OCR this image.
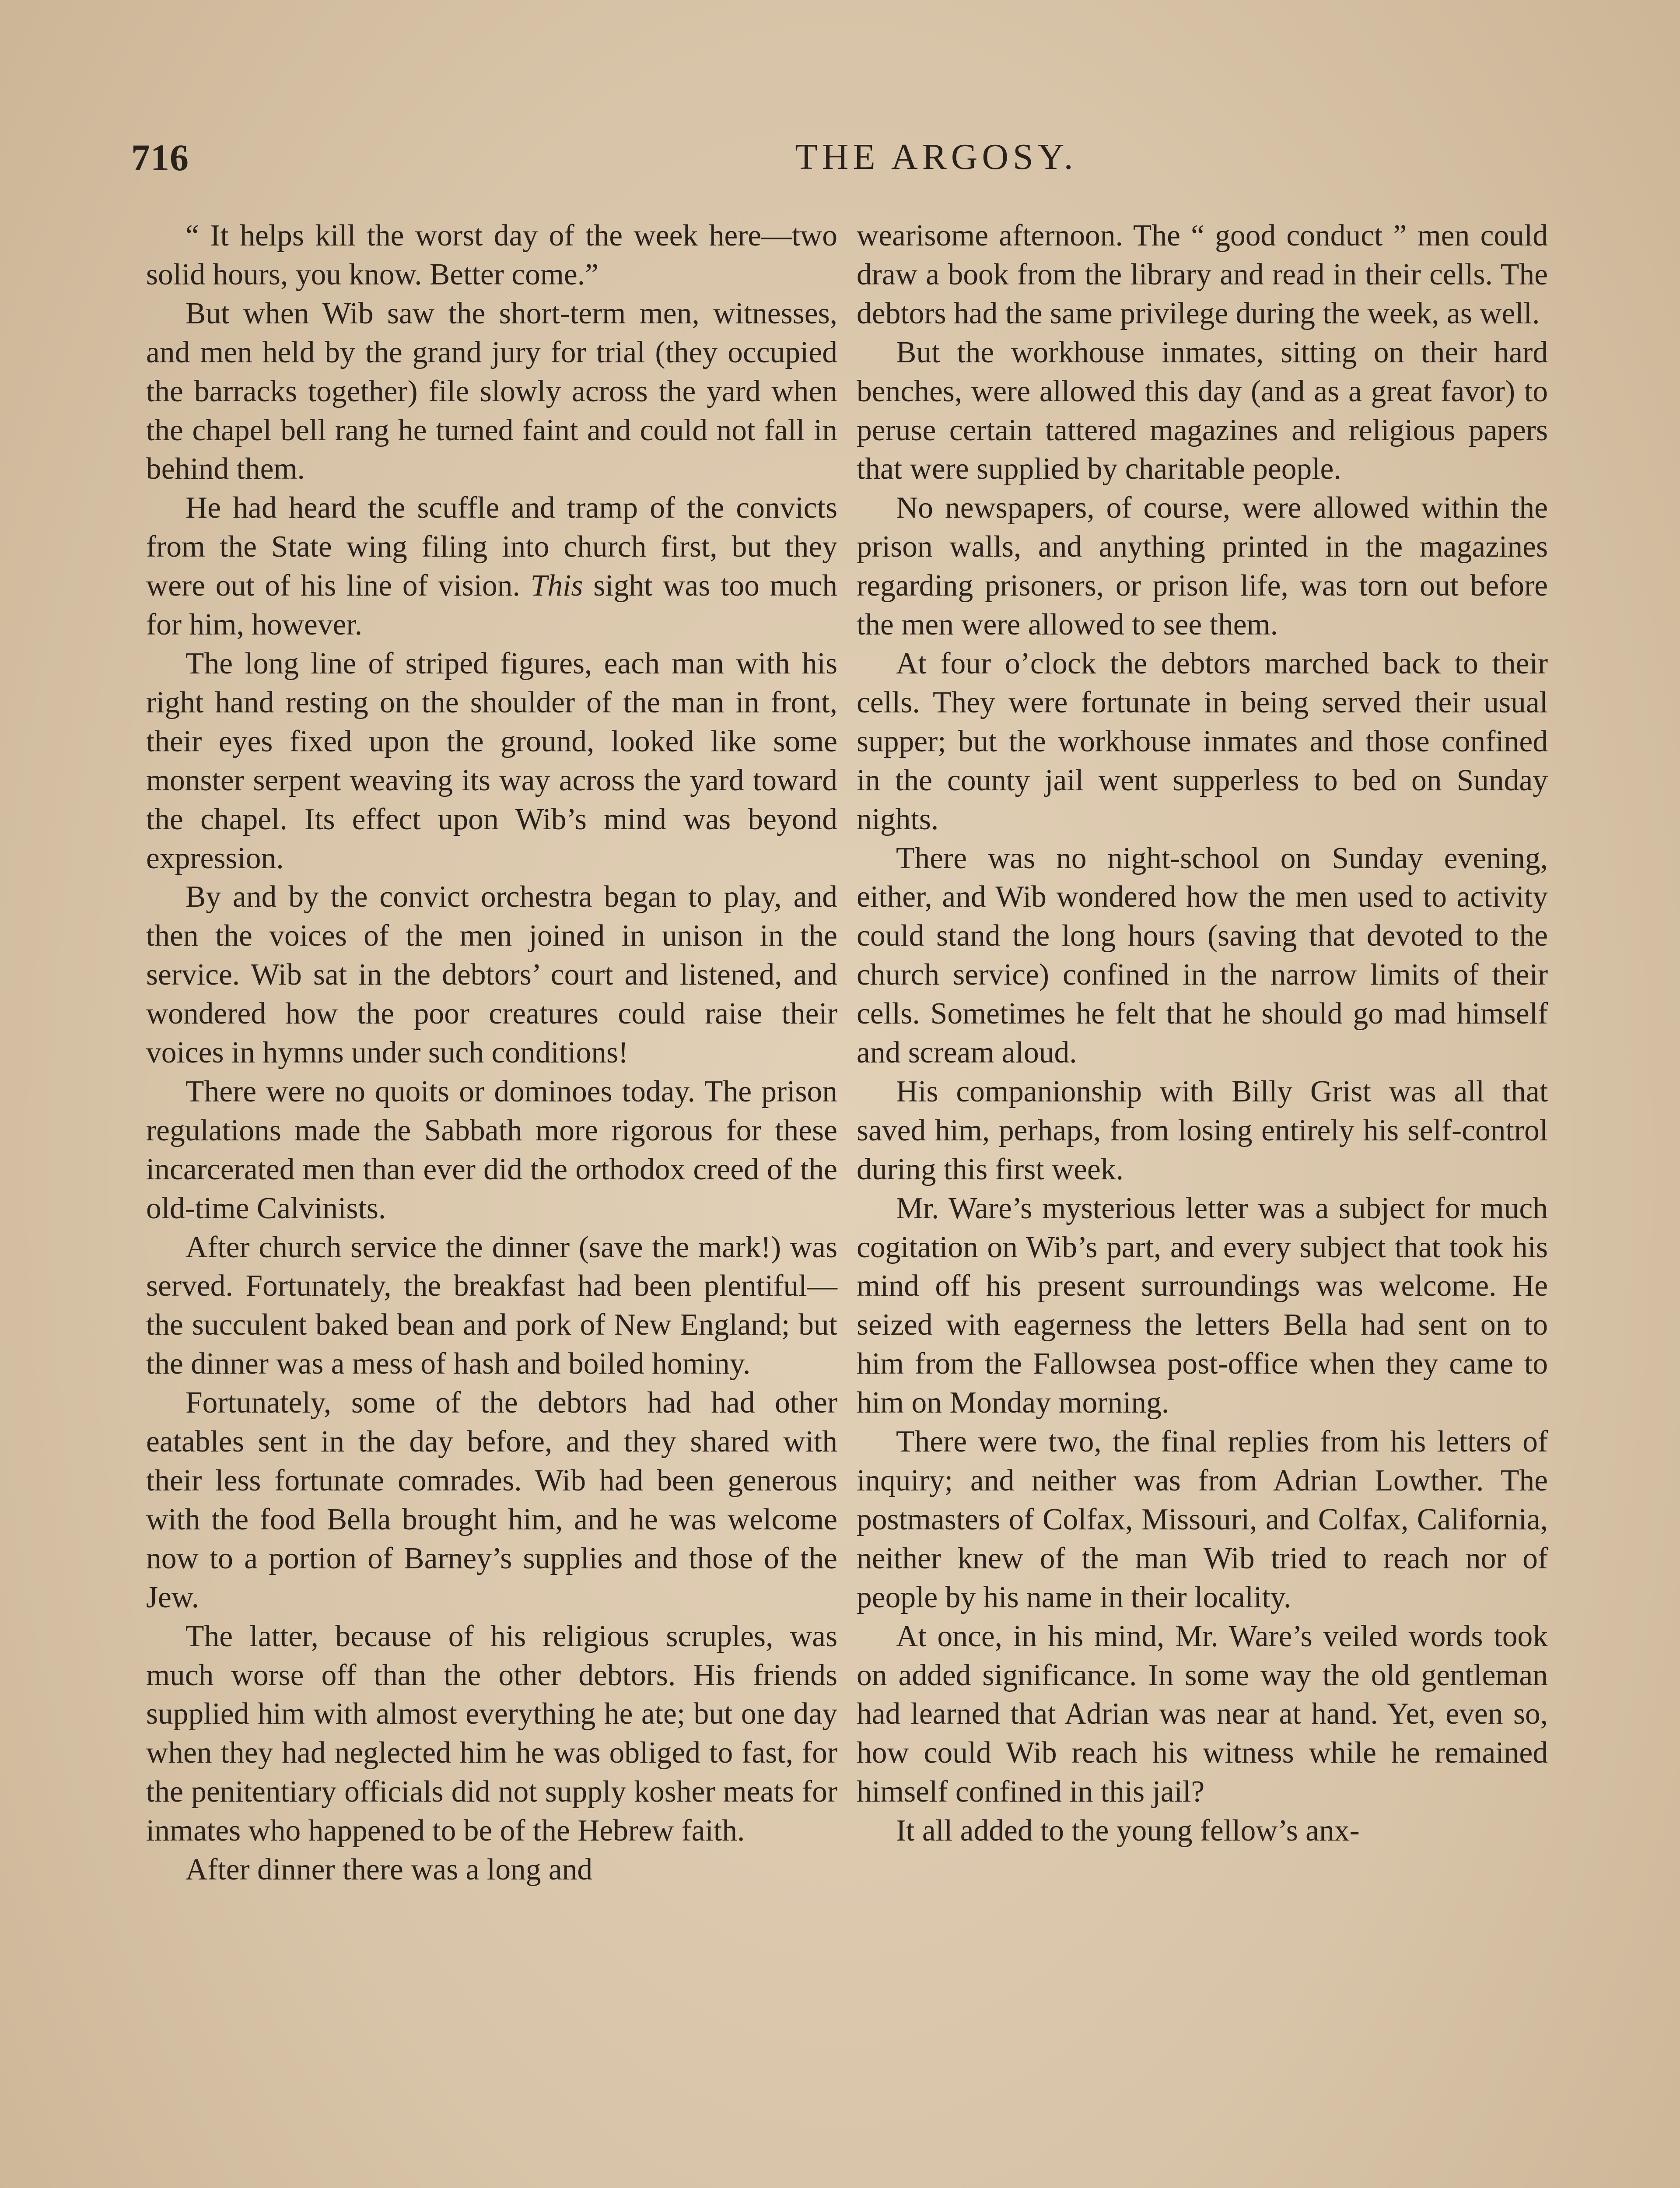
716	THE ARGOSY.

“ It helps kill the worst day of the week here—two solid hours, you know. Better come.”

But when Wib saw the short-term men, witnesses, and men held by the grand jury for trial (they occupied the barracks together) file slowly across the yard when the chapel bell rang he turned faint and could not fall in behind them.

He had heard the scuffle and tramp of the convicts from the State wing filing into church first, but they were out of his line of vision. This sight was too much for him, however.

The long line of striped figures, each man with his right hand resting on the shoulder of the man in front, their eyes fixed upon the ground, looked like some monster serpent weaving its way across the yard toward the chapel. Its effect upon Wib’s mind was beyond expression.

By and by the convict orchestra began to play, and then the voices of the men joined in unison in the service. Wib sat in the debtors’ court and listened, and wondered how the poor creatures could raise their voices in hymns under such conditions!

There were no quoits or dominoes today. The prison regulations made the Sabbath more rigorous for these incarcerated men than ever did the orthodox creed of the old-time Calvinists.

After church service the dinner (save the mark!) was served. Fortunately, the breakfast had been plentiful—the succulent baked bean and pork of New England; but the dinner was a mess of hash and boiled hominy.

Fortunately, some of the debtors had had other eatables sent in the day before, and they shared with their less fortunate comrades. Wib had been generous with the food Bella brought him, and he was welcome now to a portion of Barney’s supplies and those of the Jew.

The latter, because of his religious scruples, was much worse off than the other debtors. His friends supplied him with almost everything he ate; but one day when they had neglected him he was obliged to fast, for the penitentiary officials did not supply kosher meats for inmates who happened to be of the Hebrew faith.

After dinner there was a long and

wearisome afternoon. The “ good conduct ” men could draw a book from the library and read in their cells. The debtors had the same privilege during the week, as well.

But the workhouse inmates, sitting on their hard benches, were allowed this day (and as a great favor) to peruse certain tattered magazines and religious papers that were supplied by charitable people.

No newspapers, of course, were allowed within the prison walls, and anything printed in the magazines regarding prisoners, or prison life, was torn out before the men were allowed to see them.

At four o’clock the debtors marched back to their cells. They were fortunate in being served their usual supper; but the workhouse inmates and those confined in the county jail went supperless to bed on Sunday nights.

There was no night-school on Sunday evening, either, and Wib wondered how the men used to activity could stand the long hours (saving that devoted to the church service) confined in the narrow limits of their cells. Sometimes he felt that he should go mad himself and scream aloud.

His companionship with Billy Grist was all that saved him, perhaps, from losing entirely his self-control during this first week.

Mr. Ware’s mysterious letter was a subject for much cogitation on Wib’s part, and every subject that took his mind off his present surroundings was welcome. He seized with eagerness the letters Bella had sent on to him from the Fallowsea post-office when they came to him on Monday morning.

There were two, the final replies from his letters of inquiry; and neither was from Adrian Lowther. The postmasters of Colfax, Missouri, and Colfax, California, neither knew of the man Wib tried to reach nor of people by his name in their locality.

At once, in his mind, Mr. Ware’s veiled words took on added significance. In some way the old gentleman had learned that Adrian was near at hand. Yet, even so, how could Wib reach his witness while he remained himself confined in this jail?

It all added to the young fellow’s anx-
